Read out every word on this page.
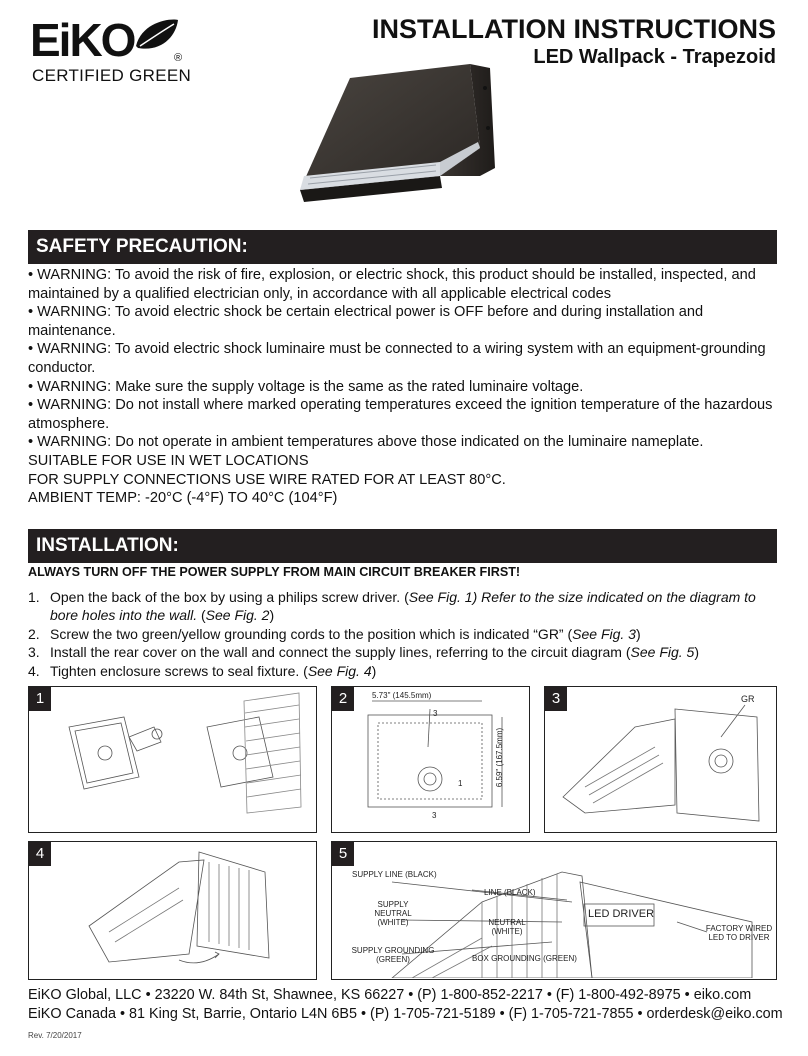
EiKO	®
CERTIFIED GREEN
INSTALLATION INSTRUCTIONS
LED Wallpack - Trapezoid
SAFETY PRECAUTION:
• WARNING: To avoid the risk of fire, explosion, or electric shock, this product should be installed, inspected, and maintained by a qualified electrician only, in accordance with all applicable electrical codes
• WARNING: To avoid electric shock be certain electrical power is OFF before and during installation and maintenance.
• WARNING: To avoid electric shock luminaire must be connected to a wiring system with an equipment-grounding conductor.
• WARNING: Make sure the supply voltage is the same as the rated luminaire voltage.
• WARNING: Do not install where marked operating temperatures exceed the ignition temperature of the hazardous atmosphere.
• WARNING: Do not operate in ambient temperatures above those indicated on the luminaire nameplate.
SUITABLE FOR USE IN WET LOCATIONS
FOR SUPPLY CONNECTIONS USE WIRE RATED FOR AT LEAST 80°C.
AMBIENT TEMP: -20°C (-4°F) TO 40°C (104°F)
INSTALLATION:
ALWAYS TURN OFF THE POWER SUPPLY FROM MAIN CIRCUIT BREAKER FIRST!
1. Open the back of the box by using a philips screw driver. (See Fig. 1) Refer to the size indicated on the diagram to bore holes into the wall. (See Fig. 2)
2. Screw the two green/yellow grounding cords to the position which is indicated “GR” (See Fig. 3)
3. Install the rear cover on the wall and connect the supply lines, referring to the circuit diagram (See Fig. 5)
4. Tighten enclosure screws to seal fixture. (See Fig. 4)
1	2	5.73" (145.5mm)
3
1
3
6.59" (167.5mm)
3	GR
4	5
SUPPLY LINE (BLACK)
SUPPLY NEUTRAL (WHITE)
SUPPLY GROUNDING (GREEN)
LINE (BLACK)
NEUTRAL (WHITE)
BOX GROUNDING (GREEN)
LED DRIVER
FACTORY WIRED LED TO DRIVER
EiKO Global, LLC • 23220 W. 84th St, Shawnee, KS 66227 • (P) 1-800-852-2217 • (F) 1-800-492-8975 • eiko.com
EiKO Canada • 81 King St, Barrie, Ontario L4N 6B5 • (P) 1-705-721-5189 • (F) 1-705-721-7855 • orderdesk@eiko.com
Rev. 7/20/2017
